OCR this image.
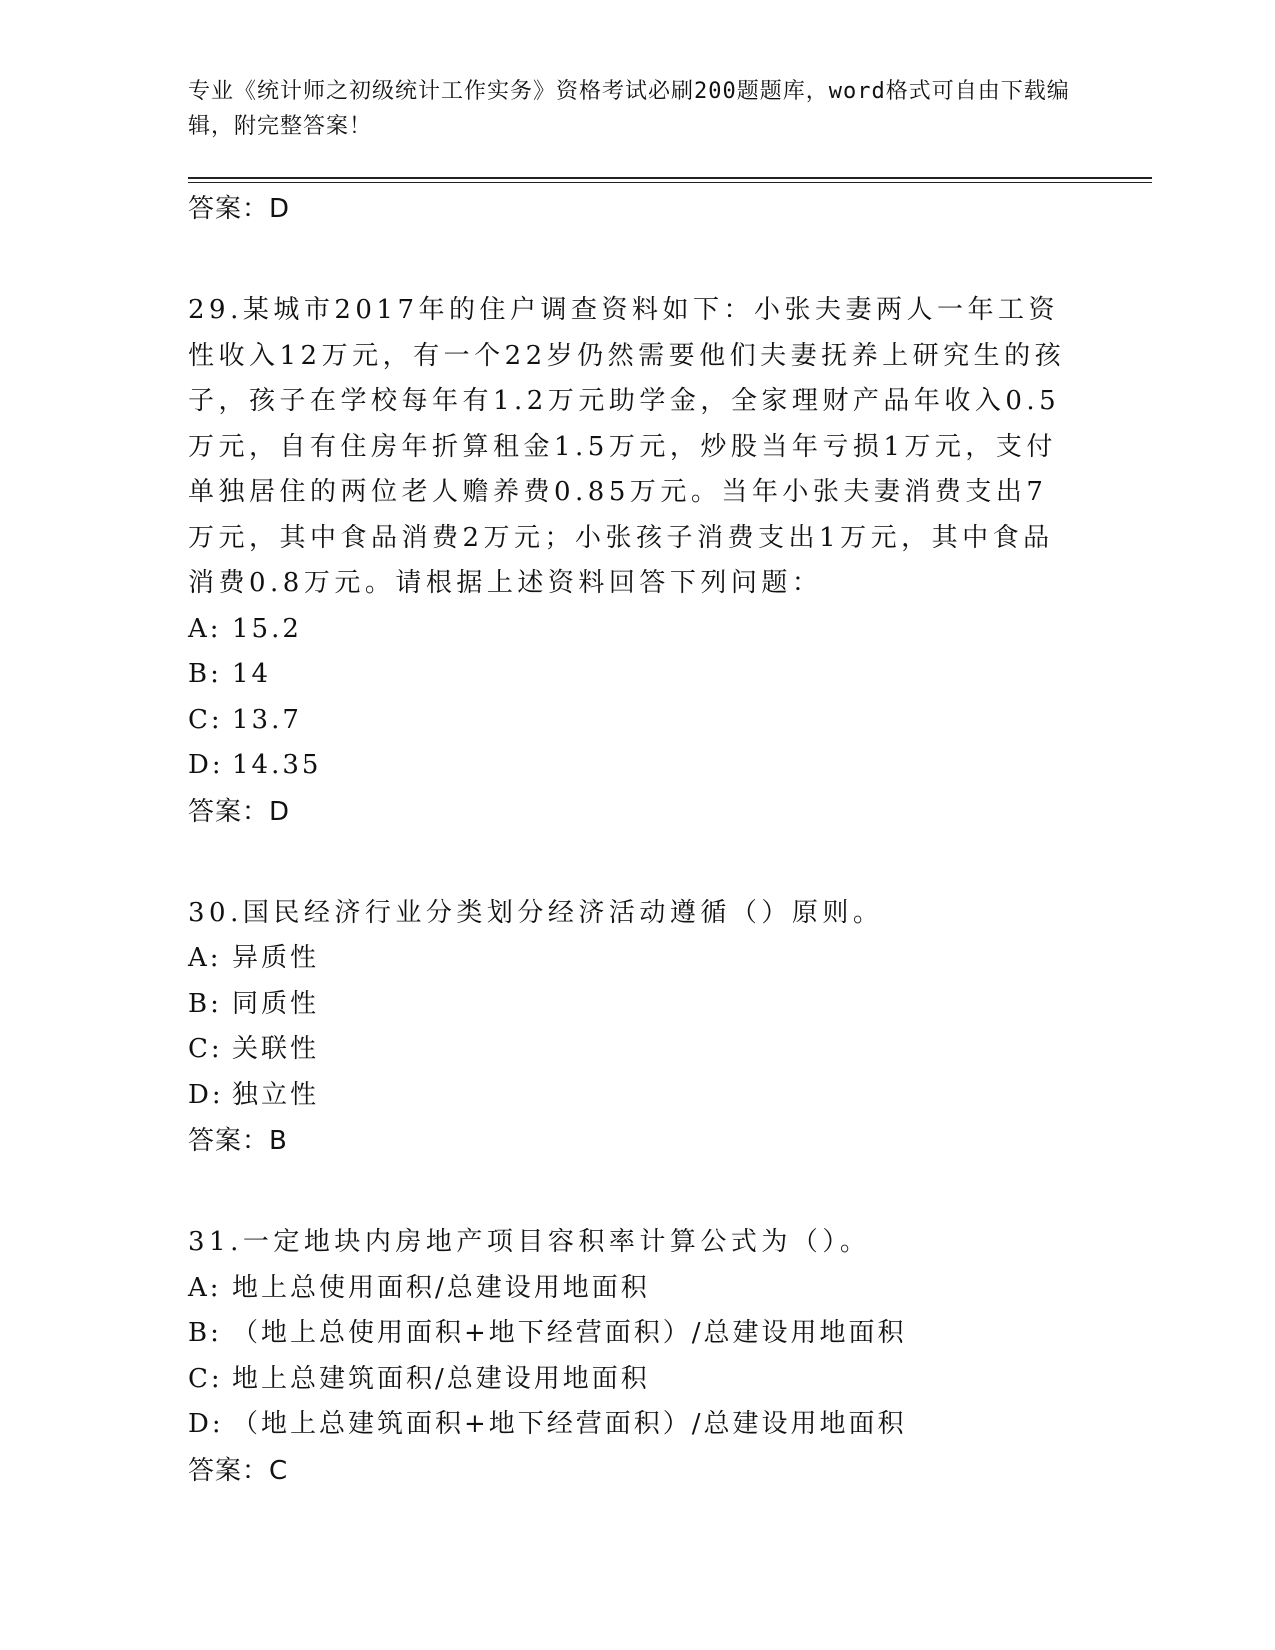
专业《统计师之初级统计工作实务》资格考试必刷200题题库，word格式可自由下载编辑，附完整答案！
答案：D

29.某城市2017年的住户调查资料如下：小张夫妻两人一年工资性收入12万元，有一个22岁仍然需要他们夫妻抚养上研究生的孩子，孩子在学校每年有1.2万元助学金，全家理财产品年收入0.5万元，自有住房年折算租金1.5万元，炒股当年亏损1万元，支付单独居住的两位老人赡养费0.85万元。当年小张夫妻消费支出7万元，其中食品消费2万元；小张孩子消费支出1万元，其中食品消费0.8万元。请根据上述资料回答下列问题：

A: 15.2
B: 14
C: 13.7
D: 14.35
答案：D

30.国民经济行业分类划分经济活动遵循（）原则。

A: 异质性
B: 同质性
C: 关联性
D: 独立性
答案：B

31.一定地块内房地产项目容积率计算公式为（）。

A: 地上总使用面积/总建设用地面积
B: （地上总使用面积+地下经营面积）/总建设用地面积
C: 地上总建筑面积/总建设用地面积
D: （地上总建筑面积+地下经营面积）/总建设用地面积
答案：C
